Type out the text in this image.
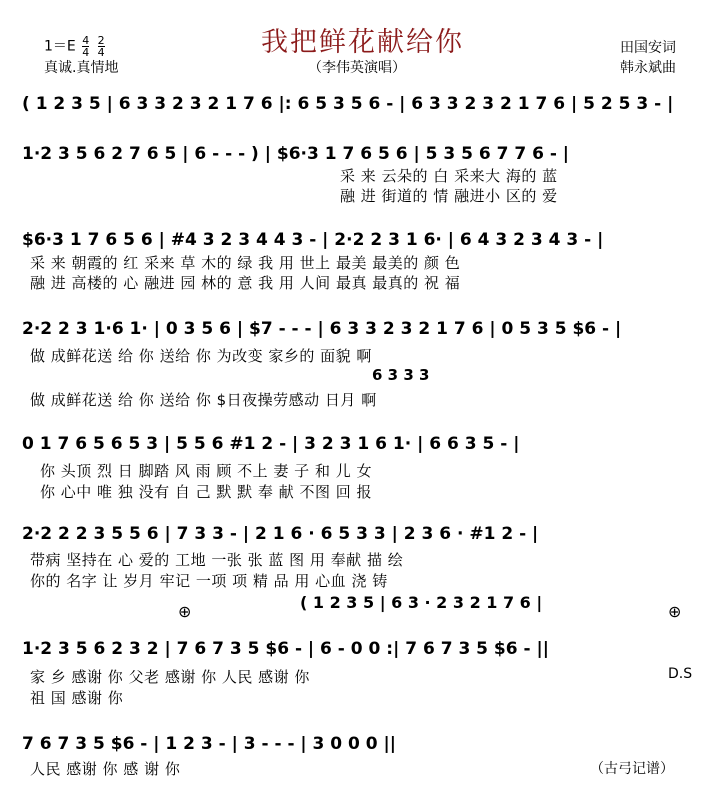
我把鲜花献给你
$1=E \frac{4}{4}$
$\frac{2}{4}$
真诚.真情地	（李伟英演唱）
田国安词
韩永斌曲
( 1 2 3 5 | 6 3 3 2 3 2 1 7 6 |: 6 5 3 5 6 - | 6 3 3 2 3 2 1 7 6 | 5 2 5 3 - |
1·2 3 5 6 2 7 6 5 | 6 - - - ) | $6·3 1 7 6 5 6 | 5 3 5 6 7 7 6 - |
采 来 云朵的 白 采来大 海的 蓝
融 进 街道的 情 融进小 区的 爱
$6·3 1 7 6 5 6 | #4 3 2 3 4 4 3 - | 2·2 2 3 1 6· | 6 4 3 2 3 4 3 - |
采 来 朝霞的 红 采来 草 木的 绿 我 用 世上 最美 最美的 颜 色
融 进 高楼的 心 融进 园 林的 意 我 用 人间 最真 最真的 祝 福
2·2 2 3 1·6 1· | 0 3 5 6 | $7 - - - | 6 3 3 2 3 2 1 7 6 | 0 5 3 5 $6 - |
做 成鲜花送 给 你 送给 你 为改变 家乡的 面貌 啊
6 3 3 3
做 成鲜花送 给 你 送给 你 $日夜操劳感动 日月 啊
0 1 7 6 5 6 5 3 | 5 5 6 #1 2 - | 3 2 3 1 6 1· | 6 6 3 5 - |
你 头顶 烈 日 脚踏 风 雨 顾 不上 妻 子 和 儿 女
你 心中 唯 独 没有 自 己 默 默 奉 献 不图 回 报
2·2 2 2 3 5 5 6 | 7 3 3 - | 2 1 6 · 6 5 3 3 | 2 3 6 · #1 2 - |
带病 坚持在 心 爱的 工地 一张 张 蓝 图 用 奉献 描 绘
你的 名字 让 岁月 牢记 一项 项 精 品 用 心血 浇 铸
( 1 2 3 5 | 6 3 · 2 3 2 1 7 6 |
⊕	⊕
1·2 3 5 6 2 3 2 | 7 6 7 3 5 $6 - | 6 - 0 0 :| 7 6 7 3 5 $6 - ||
家 乡 感谢 你 父老 感谢 你 人民 感谢 你	D.S
祖 国 感谢 你
7 6 7 3 5 $6 - | 1 2 3 - | 3 - - - | 3 0 0 0 ||
人民 感谢 你 感 谢 你	（古弓记谱）
